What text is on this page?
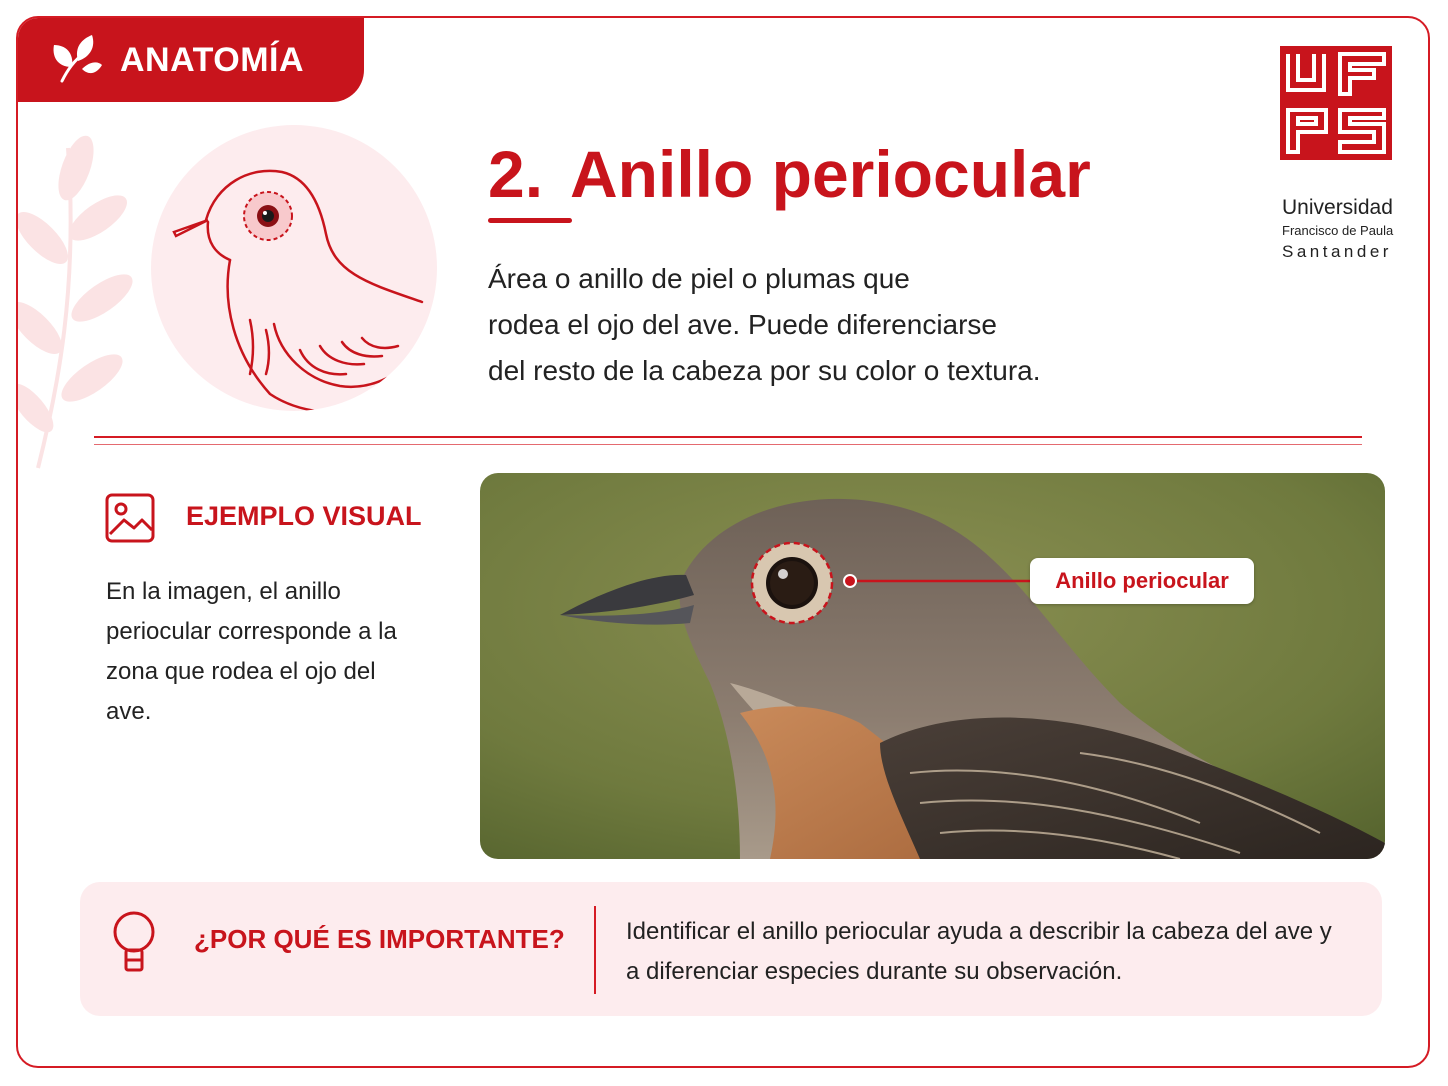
ANATOMÍA
2. Anillo periocular
Área o anillo de piel o plumas que
rodea el ojo del ave. Puede diferenciarse
del resto de la cabeza por su color o textura.
Universidad
Francisco de Paula
Santander
EJEMPLO VISUAL
En la imagen, el anillo periocular corresponde a la zona que rodea el ojo del ave.
Anillo periocular
¿POR QUÉ ES IMPORTANTE?	Identificar el anillo periocular ayuda a describir la cabeza del ave y a diferenciar especies durante su observación.
